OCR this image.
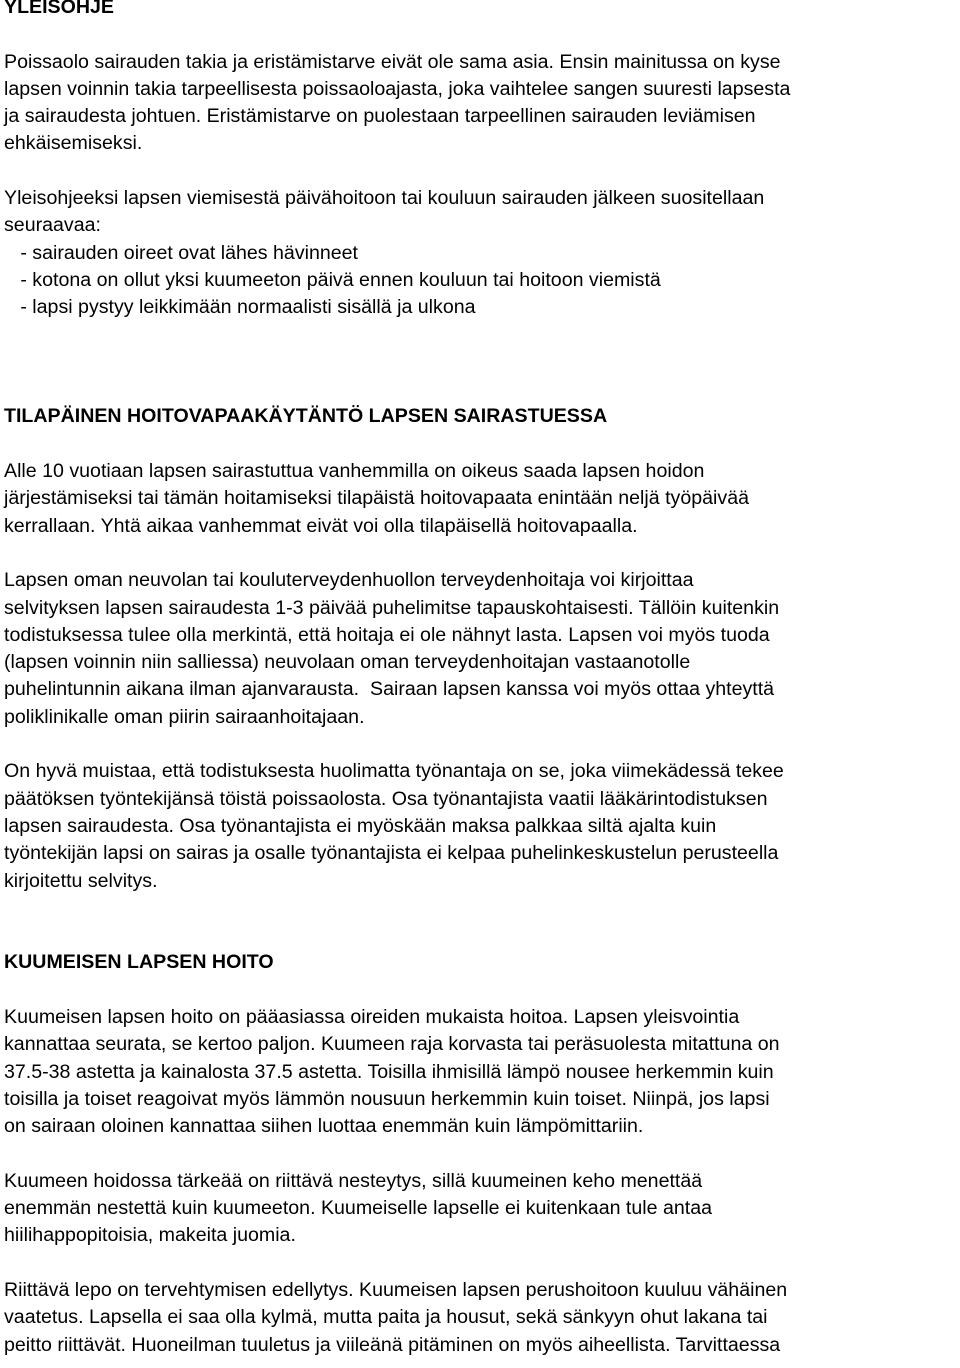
YLEISOHJE
Poissaolo sairauden takia ja eristämistarve eivät ole sama asia. Ensin mainitussa on kyse
lapsen voinnin takia tarpeellisesta poissaoloajasta, joka vaihtelee sangen suuresti lapsesta
ja sairaudesta johtuen. Eristämistarve on puolestaan tarpeellinen sairauden leviämisen
ehkäisemiseksi.
Yleisohjeeksi lapsen viemisestä päivähoitoon tai kouluun sairauden jälkeen suositellaan
seuraavaa:
- sairauden oireet ovat lähes hävinneet
- kotona on ollut yksi kuumeeton päivä ennen kouluun tai hoitoon viemistä
- lapsi pystyy leikkimään normaalisti sisällä ja ulkona
TILAPÄINEN HOITOVAPAAKÄYTÄNTÖ LAPSEN SAIRASTUESSA
Alle 10 vuotiaan lapsen sairastuttua vanhemmilla on oikeus saada lapsen hoidon
järjestämiseksi tai tämän hoitamiseksi tilapäistä hoitovapaata enintään neljä työpäivää
kerrallaan. Yhtä aikaa vanhemmat eivät voi olla tilapäisellä hoitovapaalla.
Lapsen oman neuvolan tai kouluterveydenhuollon terveydenhoitaja voi kirjoittaa
selvityksen lapsen sairaudesta 1-3 päivää puhelimitse tapauskohtaisesti. Tällöin kuitenkin
todistuksessa tulee olla merkintä, että hoitaja ei ole nähnyt lasta. Lapsen voi myös tuoda
(lapsen voinnin niin salliessa) neuvolaan oman terveydenhoitajan vastaanotolle
puhelintunnin aikana ilman ajanvarausta.  Sairaan lapsen kanssa voi myös ottaa yhteyttä
poliklinikalle oman piirin sairaanhoitajaan.
On hyvä muistaa, että todistuksesta huolimatta työnantaja on se, joka viimekädessä tekee
päätöksen työntekijänsä töistä poissaolosta. Osa työnantajista vaatii lääkärintodistuksen
lapsen sairaudesta. Osa työnantajista ei myöskään maksa palkkaa siltä ajalta kuin
työntekijän lapsi on sairas ja osalle työnantajista ei kelpaa puhelinkeskustelun perusteella
kirjoitettu selvitys.
KUUMEISEN LAPSEN HOITO
Kuumeisen lapsen hoito on pääasiassa oireiden mukaista hoitoa. Lapsen yleisvointia
kannattaa seurata, se kertoo paljon. Kuumeen raja korvasta tai peräsuolesta mitattuna on
37.5-38 astetta ja kainalosta 37.5 astetta. Toisilla ihmisillä lämpö nousee herkemmin kuin
toisilla ja toiset reagoivat myös lämmön nousuun herkemmin kuin toiset. Niinpä, jos lapsi
on sairaan oloinen kannattaa siihen luottaa enemmän kuin lämpömittariin.
Kuumeen hoidossa tärkeää on riittävä nesteytys, sillä kuumeinen keho menettää
enemmän nestettä kuin kuumeeton. Kuumeiselle lapselle ei kuitenkaan tule antaa
hiilihappopitoisia, makeita juomia.
Riittävä lepo on tervehtymisen edellytys. Kuumeisen lapsen perushoitoon kuuluu vähäinen
vaatetus. Lapsella ei saa olla kylmä, mutta paita ja housut, sekä sänkyyn ohut lakana tai
peitto riittävät. Huoneilman tuuletus ja viileänä pitäminen on myös aiheellista. Tarvittaessa
